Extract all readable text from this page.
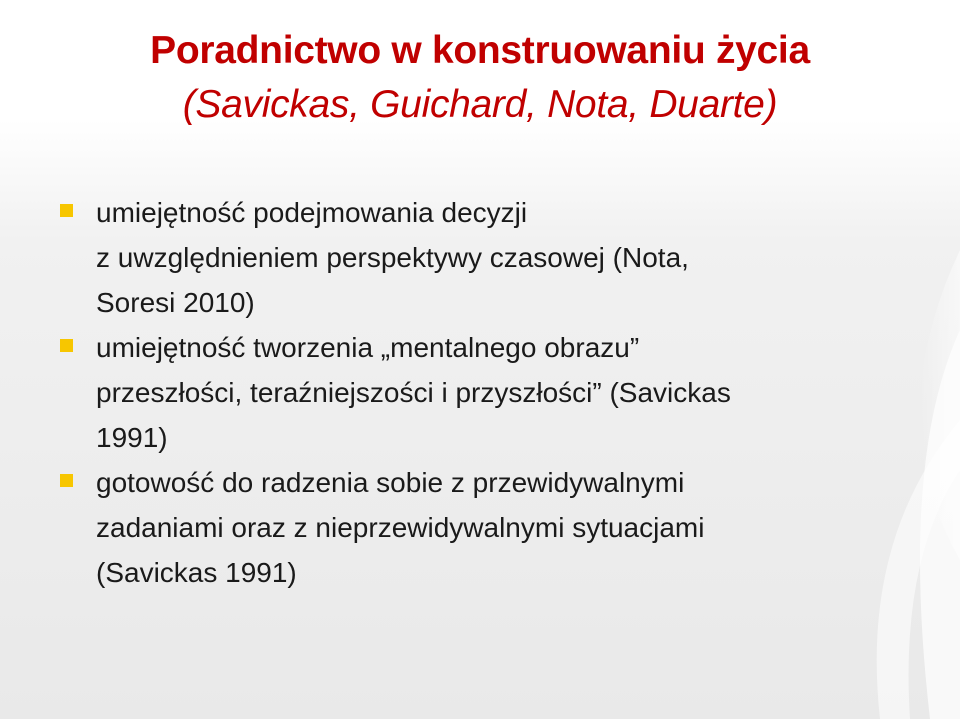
Poradnictwo w konstruowaniu życia
(Savickas, Guichard, Nota, Duarte)
umiejętność podejmowania decyzji
z uwzględnieniem perspektywy czasowej (Nota,
Soresi 2010)
umiejętność tworzenia „mentalnego obrazu”
przeszłości, teraźniejszości i przyszłości” (Savickas
1991)
gotowość do radzenia sobie z przewidywalnymi
zadaniami oraz z nieprzewidywalnymi sytuacjami
(Savickas 1991)
